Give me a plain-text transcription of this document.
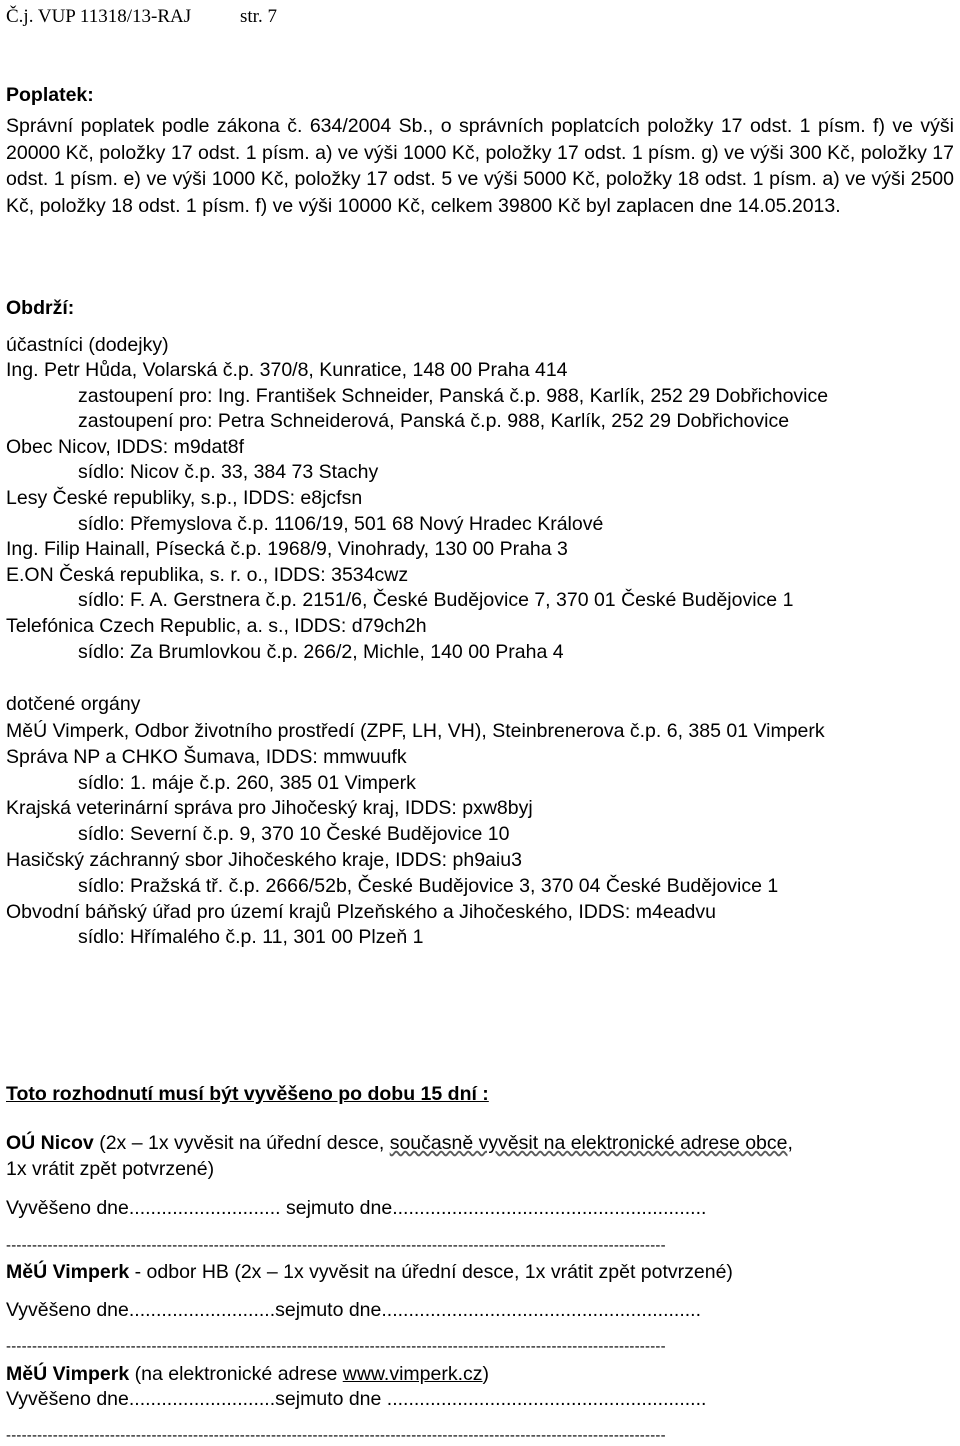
Č.j. VUP 11318/13-RAJ	str. 7
Poplatek:
Správní poplatek podle zákona č. 634/2004 Sb., o správních poplatcích položky 17 odst. 1 písm. f) ve výši 20000 Kč, položky 17 odst. 1 písm. a) ve výši 1000 Kč, položky 17 odst. 1 písm. g) ve výši 300 Kč, položky 17 odst. 1 písm. e) ve výši 1000 Kč, položky 17 odst. 5 ve výši 5000 Kč, položky 18 odst. 1 písm. a) ve výši 2500 Kč, položky 18 odst. 1 písm. f) ve výši 10000 Kč, celkem 39800 Kč byl zaplacen dne 14.05.2013.
Obdrží:
účastníci (dodejky)
Ing. Petr Hůda, Volarská č.p. 370/8, Kunratice, 148 00 Praha 414
zastoupení pro: Ing. František Schneider, Panská č.p. 988, Karlík, 252 29 Dobřichovice
zastoupení pro: Petra Schneiderová, Panská č.p. 988, Karlík, 252 29 Dobřichovice
Obec Nicov, IDDS: m9dat8f
sídlo: Nicov č.p. 33, 384 73 Stachy
Lesy České republiky, s.p., IDDS: e8jcfsn
sídlo: Přemyslova č.p. 1106/19, 501 68 Nový Hradec Králové
Ing. Filip Hainall, Písecká č.p. 1968/9, Vinohrady, 130 00 Praha 3
E.ON Česká republika, s. r. o., IDDS: 3534cwz
sídlo: F. A. Gerstnera č.p. 2151/6, České Budějovice 7, 370 01 České Budějovice 1
Telefónica Czech Republic, a. s., IDDS: d79ch2h
sídlo: Za Brumlovkou č.p. 266/2, Michle, 140 00 Praha 4
dotčené orgány
MěÚ Vimperk, Odbor životního prostředí (ZPF, LH, VH), Steinbrenerova č.p. 6, 385 01 Vimperk
Správa NP a CHKO Šumava, IDDS: mmwuufk
sídlo: 1. máje č.p. 260, 385 01 Vimperk
Krajská veterinární správa pro Jihočeský kraj, IDDS: pxw8byj
sídlo: Severní č.p. 9, 370 10 České Budějovice 10
Hasičský záchranný sbor Jihočeského kraje, IDDS: ph9aiu3
sídlo: Pražská tř. č.p. 2666/52b, České Budějovice 3, 370 04 České Budějovice 1
Obvodní báňský úřad pro území krajů Plzeňského a Jihočeského, IDDS: m4eadvu
sídlo: Hřímalého č.p. 11, 301 00 Plzeň 1
Toto rozhodnutí musí být vyvěšeno po dobu 15 dní :
OÚ Nicov (2x – 1x vyvěsit na úřední desce, současně vyvěsit na elektronické adrese obce,
1x vrátit zpět potvrzené)
Vyvěšeno dne............................ sejmuto dne..........................................................
-------------------------------------------------------------------------------------------------------------------------------
MěÚ Vimperk - odbor HB (2x – 1x vyvěsit na úřední desce, 1x vrátit zpět potvrzené)
Vyvěšeno dne...........................sejmuto dne...........................................................
-------------------------------------------------------------------------------------------------------------------------------
MěÚ Vimperk (na elektronické adrese www.vimperk.cz)
Vyvěšeno dne...........................sejmuto dne ...........................................................
-------------------------------------------------------------------------------------------------------------------------------
